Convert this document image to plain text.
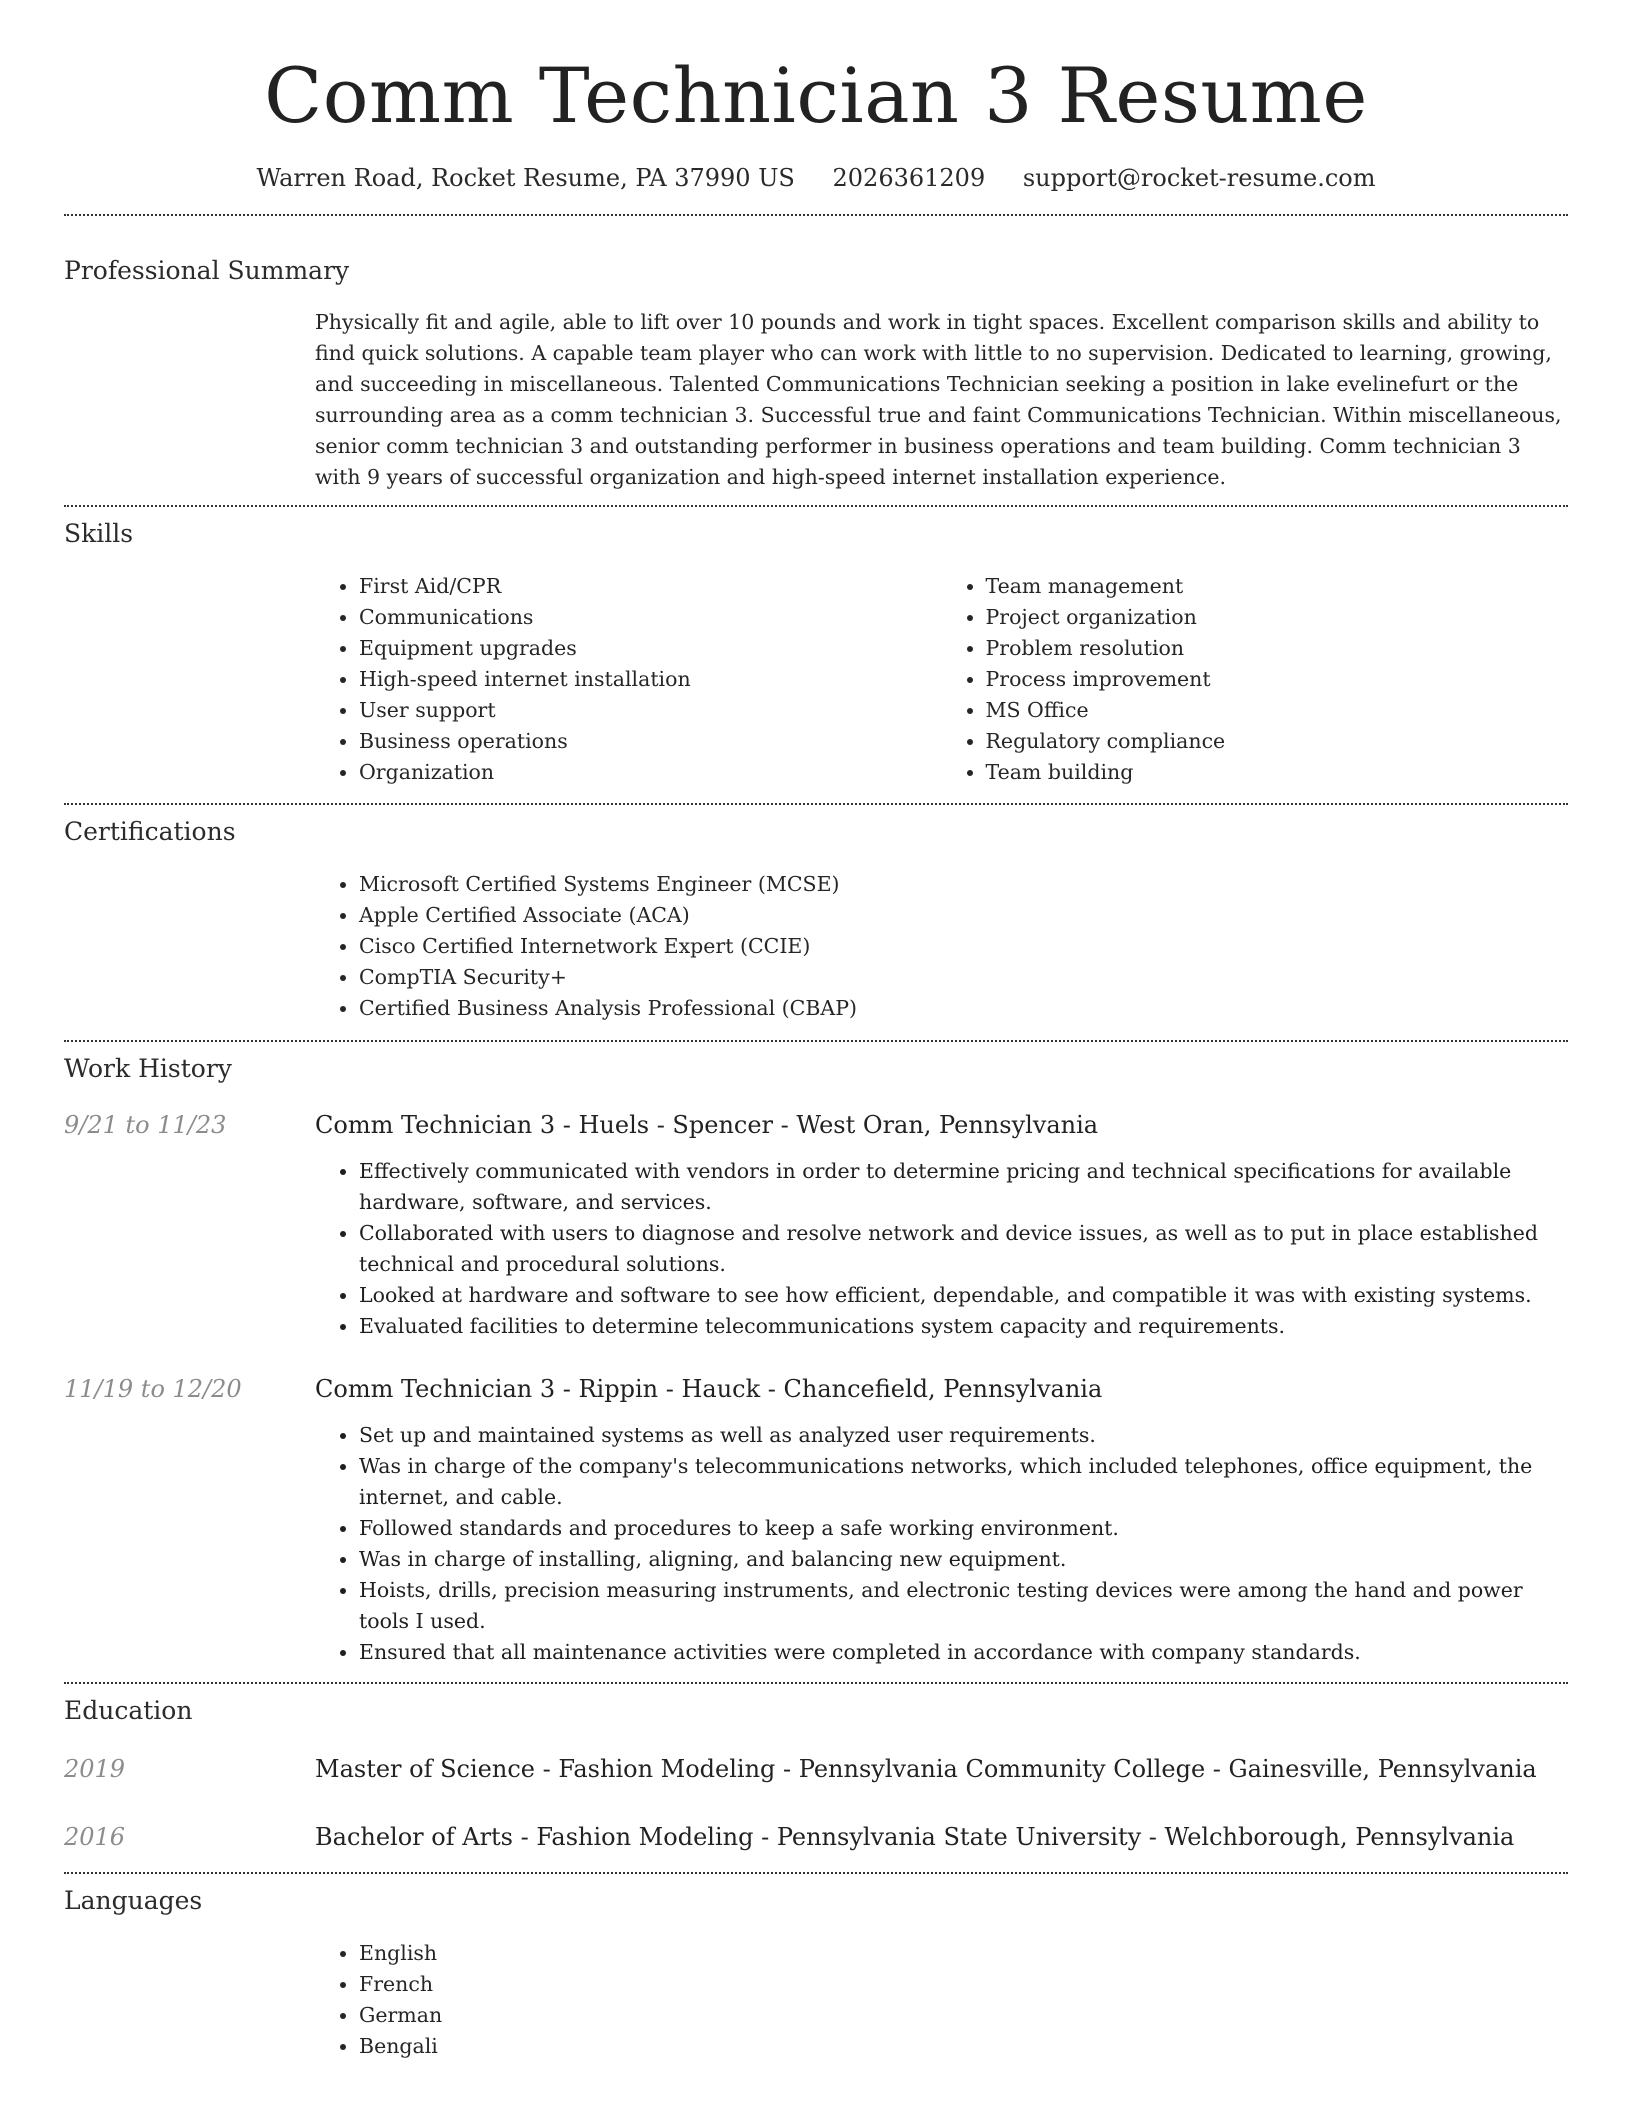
Comm Technician 3 Resume
Warren Road, Rocket Resume, PA 37990 US 2026361209 support@rocket-resume.com
Professional Summary

Physically fit and agile, able to lift over 10 pounds and work in tight spaces. Excellent comparison skills and ability to find quick solutions. A capable team player who can work with little to no supervision. Dedicated to learning, growing, and succeeding in miscellaneous. Talented Communications Technician seeking a position in lake evelinefurt or the surrounding area as a comm technician 3. Successful true and faint Communications Technician. Within miscellaneous, senior comm technician 3 and outstanding performer in business operations and team building. Comm technician 3 with 9 years of successful organization and high-speed internet installation experience.

Skills
• First Aid/CPR
• Communications
• Equipment upgrades
• High-speed internet installation
• User support
• Business operations
• Organization
• Team management
• Project organization
• Problem resolution
• Process improvement
• MS Office
• Regulatory compliance
• Team building
Certifications
• Microsoft Certified Systems Engineer (MCSE)
• Apple Certified Associate (ACA)
• Cisco Certified Internetwork Expert (CCIE)
• CompTIA Security+
• Certified Business Analysis Professional (CBAP)
Work History
9/21 to 11/23	Comm Technician 3 - Huels - Spencer - West Oran, Pennsylvania
• Effectively communicated with vendors in order to determine pricing and technical specifications for available hardware, software, and services.
• Collaborated with users to diagnose and resolve network and device issues, as well as to put in place established technical and procedural solutions.
• Looked at hardware and software to see how efficient, dependable, and compatible it was with existing systems.
• Evaluated facilities to determine telecommunications system capacity and requirements.
11/19 to 12/20	Comm Technician 3 - Rippin - Hauck - Chancefield, Pennsylvania
• Set up and maintained systems as well as analyzed user requirements.
• Was in charge of the company's telecommunications networks, which included telephones, office equipment, the internet, and cable.
• Followed standards and procedures to keep a safe working environment.
• Was in charge of installing, aligning, and balancing new equipment.
• Hoists, drills, precision measuring instruments, and electronic testing devices were among the hand and power tools I used.
• Ensured that all maintenance activities were completed in accordance with company standards.
Education
2019	Master of Science - Fashion Modeling - Pennsylvania Community College - Gainesville, Pennsylvania
2016	Bachelor of Arts - Fashion Modeling - Pennsylvania State University - Welchborough, Pennsylvania
Languages
• English
• French
• German
• Bengali
